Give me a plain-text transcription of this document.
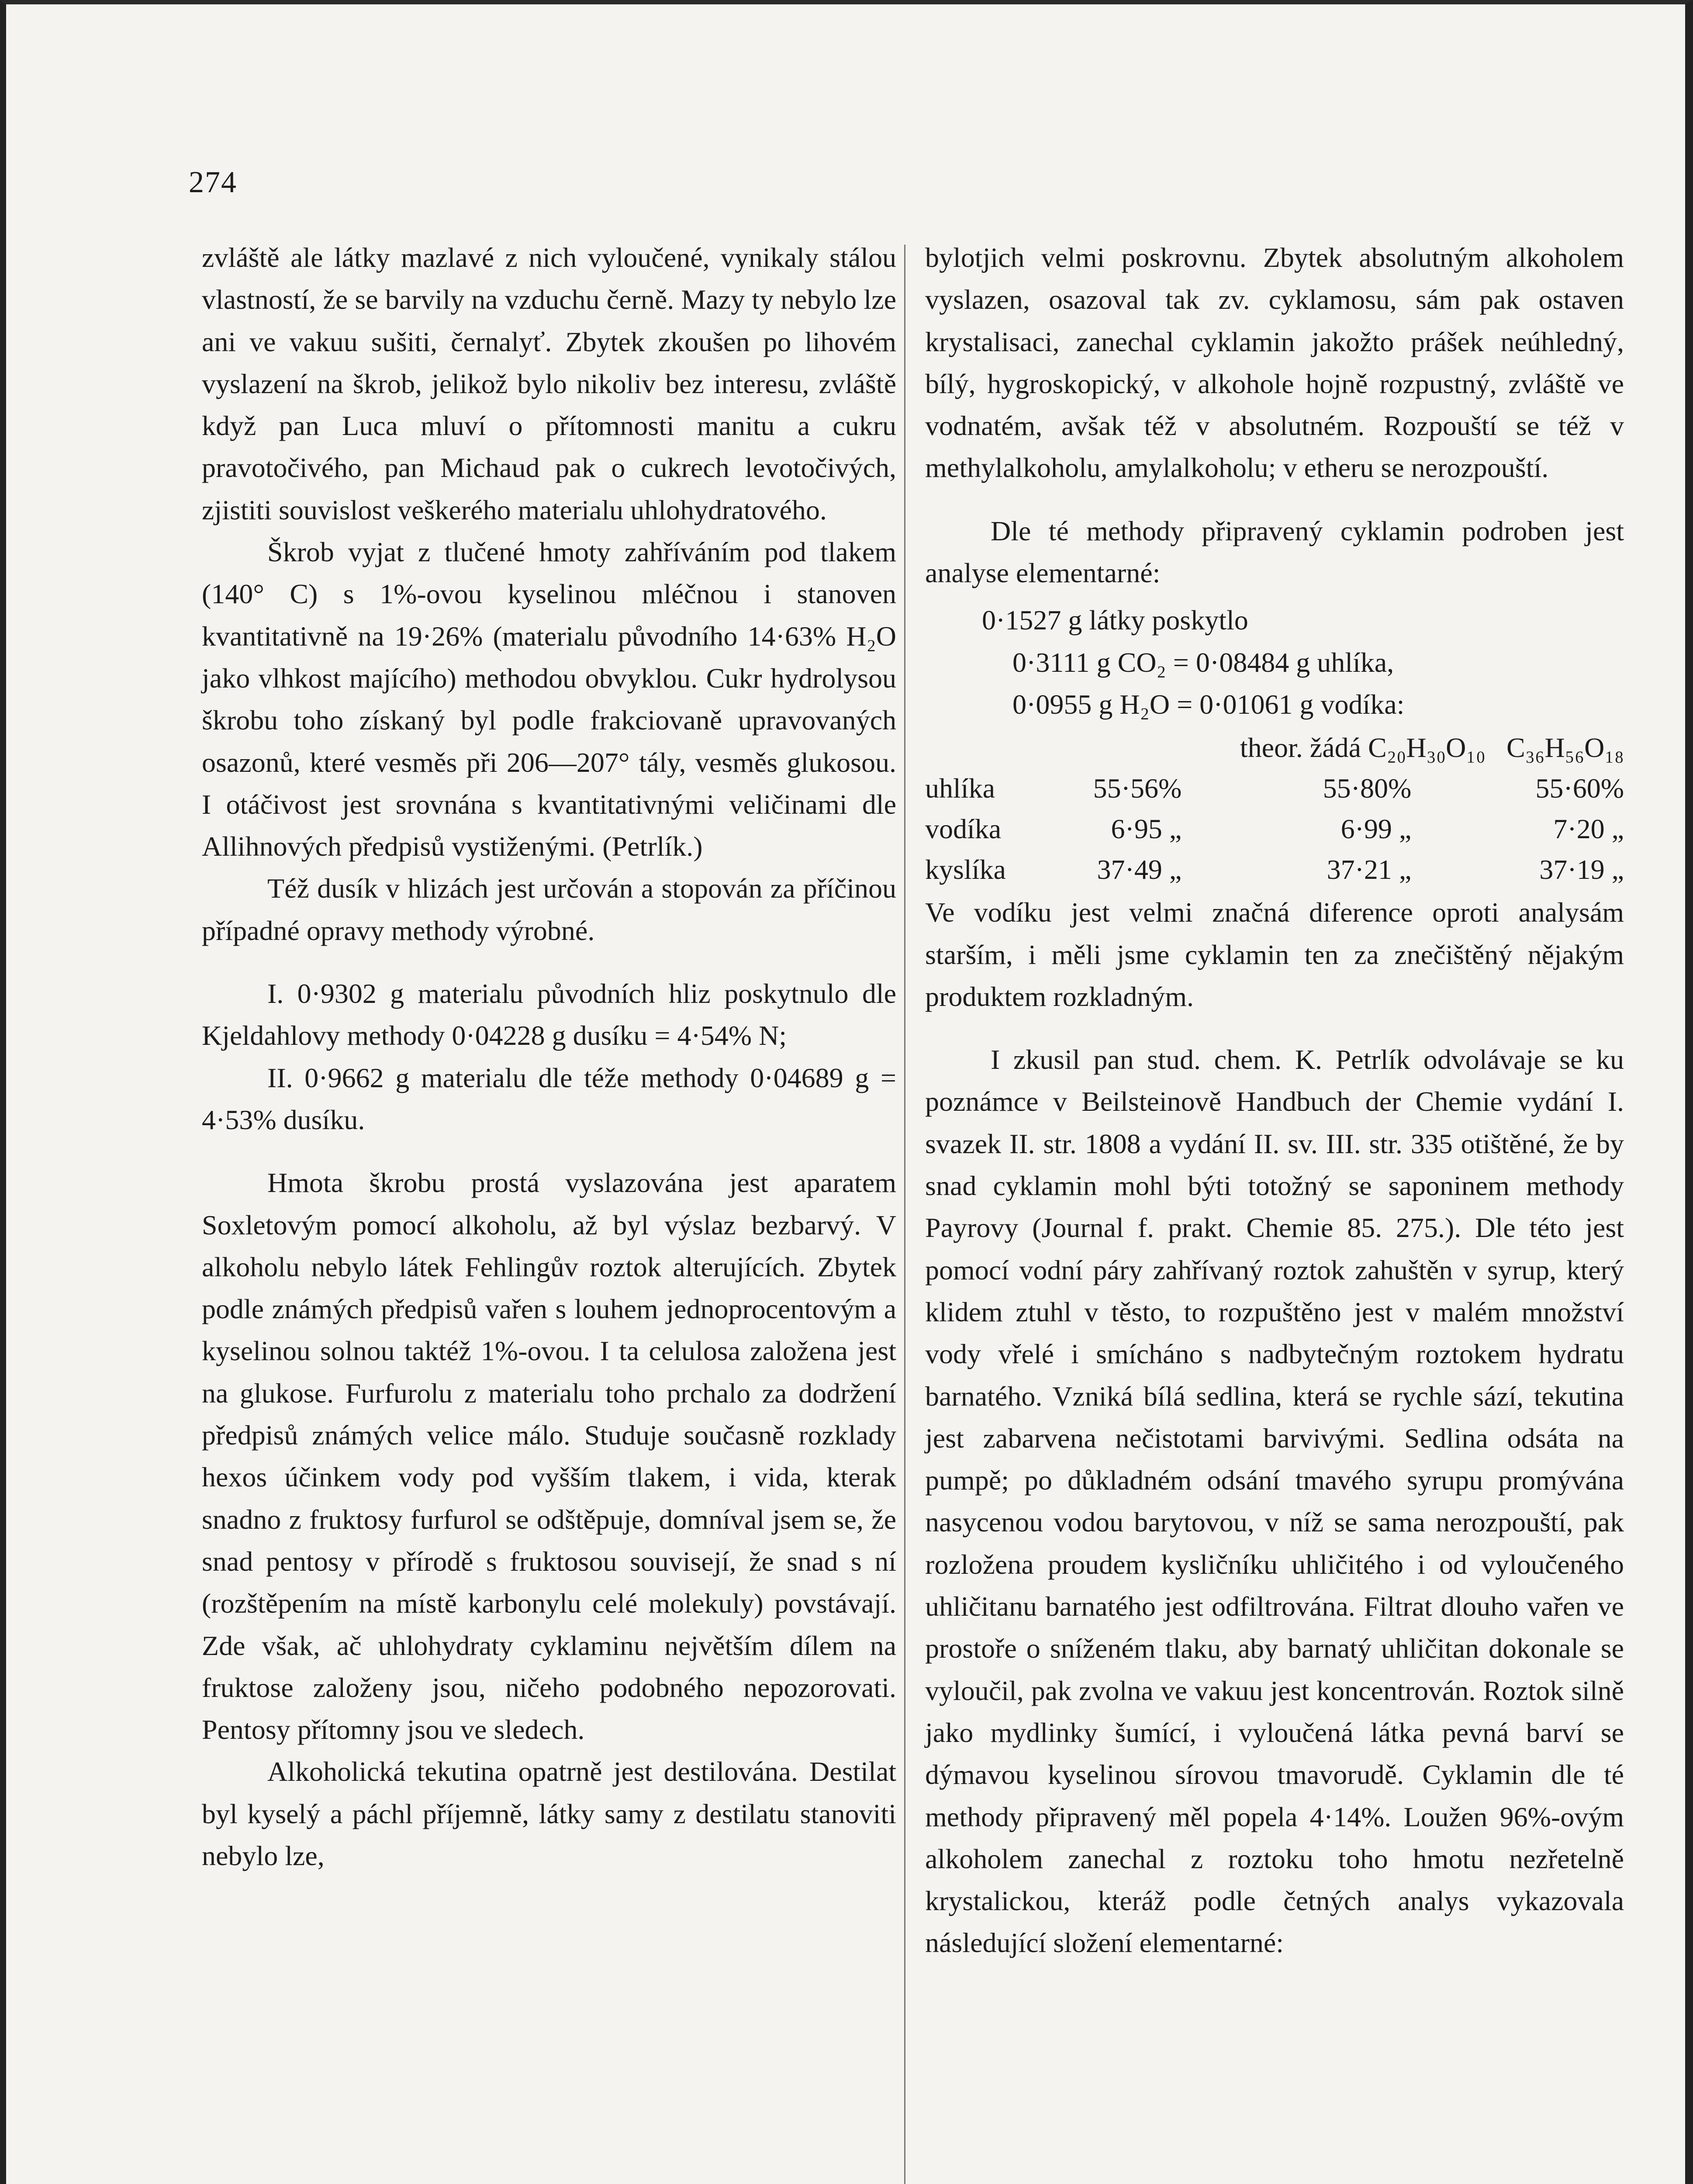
274

zvláště ale látky mazlavé z nich vyloučené, vynikaly stálou vlastností, že se barvily na vzduchu černě. Mazy ty nebylo lze ani ve vakuu sušiti, černalyť. Zbytek zkoušen po lihovém vyslazení na škrob, jelikož bylo nikoliv bez interesu, zvláště když pan Luca mluví o přítomnosti manitu a cukru pravotočivého, pan Michaud pak o cukrech levotočivých, zjistiti souvislost veškerého materialu uhlohydratového.

Škrob vyjat z tlučené hmoty zahříváním pod tlakem (140° C) s 1%-ovou kyselinou mléčnou i stanoven kvantitativně na 19·26% (materialu původního 14·63% H₂O jako vlhkost majícího) methodou obvyklou. Cukr hydrolysou škrobu toho získaný byl podle frakciovaně upravovaných osazonů, které vesměs při 206—207° tály, vesměs glukosou. I otáčivost jest srovnána s kvantitativnými veličinami dle Allihnových předpisů vystiženými. (Petrlík.)

Též dusík v hlizách jest určován a stopován za příčinou případné opravy methody výrobné.

I. 0·9302 g materialu původních hliz poskytnulo dle Kjeldahlovy methody 0·04228 g dusíku = 4·54% N;

II. 0·9662 g materialu dle téže methody 0·04689 g = 4·53% dusíku.

Hmota škrobu prostá vyslazována jest aparatem Soxletovým pomocí alkoholu, až byl výslaz bezbarvý. V alkoholu nebylo látek Fehlingův roztok alterujících. Zbytek podle známých předpisů vařen s louhem jednoprocentovým a kyselinou solnou taktéž 1%-ovou. I ta celulosa založena jest na glukose. Furfurolu z materialu toho prchalo za dodržení předpisů známých velice málo. Studuje současně rozklady hexos účinkem vody pod vyšším tlakem, i vida, kterak snadno z fruktosy furfurol se odštěpuje, domníval jsem se, že snad pentosy v přírodě s fruktosou souvisejí, že snad s ní (rozštěpením na místě karbonylu celé molekuly) povstávají. Zde však, ač uhlohydraty cyklaminu největším dílem na fruktose založeny jsou, ničeho podobného nepozorovati. Pentosy přítomny jsou ve sledech.

Alkoholická tekutina opatrně jest destilována. Destilat byl kyselý a páchl příjemně, látky samy z destilatu stanoviti nebylo lze,

bylotjich velmi poskrovnu. Zbytek absolutným alkoholem vyslazen, osazoval tak zv. cyklamosu, sám pak ostaven krystalisaci, zanechal cyklamin jakožto prášek neúhledný, bílý, hygroskopický, v alkohole hojně rozpustný, zvláště ve vodnatém, avšak též v absolutném. Rozpouští se též v methylalkoholu, amylalkoholu; v etheru se nerozpouští.

Dle té methody připravený cyklamin podroben jest analyse elementarné:

0·1527 g látky poskytlo

0·3111 g CO₂ = 0·08484 g uhlíka,

0·0955 g H₂O = 0·01061 g vodíka:

theor. žádá C₂₀H₃₀O₁₀   C₃₆H₅₆O₁₈			
uhlíka	55·56%	55·80%	55·60%
vodíka	6·95 „	6·99 „	7·20 „
kyslíka	37·49 „	37·21 „	37·19 „

Ve vodíku jest velmi značná diference oproti analysám starším, i měli jsme cyklamin ten za znečištěný nějakým produktem rozkladným.

I zkusil pan stud. chem. K. Petrlík odvolávaje se ku poznámce v Beilsteinově Handbuch der Chemie vydání I. svazek II. str. 1808 a vydání II. sv. III. str. 335 otištěné, že by snad cyklamin mohl býti totožný se saponinem methody Payrovy (Journal f. prakt. Chemie 85. 275.). Dle této jest pomocí vodní páry zahřívaný roztok zahuštěn v syrup, který klidem ztuhl v těsto, to rozpuštěno jest v malém množství vody vřelé i smícháno s nadbytečným roztokem hydratu barnatého. Vzniká bílá sedlina, která se rychle sází, tekutina jest zabarvena nečistotami barvivými. Sedlina odsáta na pumpě; po důkladném odsání tmavého syrupu promývána nasycenou vodou barytovou, v níž se sama nerozpouští, pak rozložena proudem kysličníku uhličitého i od vyloučeného uhličitanu barnatého jest odfiltrována. Filtrat dlouho vařen ve prostoře o sníženém tlaku, aby barnatý uhličitan dokonale se vyloučil, pak zvolna ve vakuu jest koncentrován. Roztok silně jako mydlinky šumící, i vyloučená látka pevná barví se dýmavou kyselinou sírovou tmavorudě. Cyklamin dle té methody připravený měl popela 4·14%. Loužen 96%-ovým alkoholem zanechal z roztoku toho hmotu nezřetelně krystalickou, kteráž podle četných analys vykazovala následující složení elementarné:
